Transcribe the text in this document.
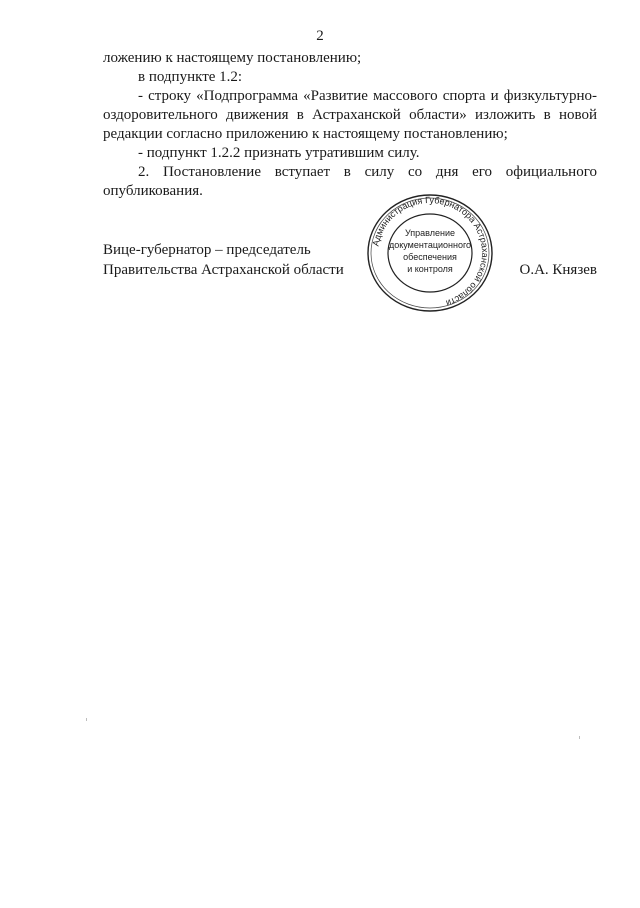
2

ложению к настоящему постановлению;

в подпункте 1.2:

- строку «Подпрограмма «Развитие массового спорта и физкультурно-оздоровительного движения в Астраханской области» изложить в новой редакции согласно приложению к настоящему постановлению;

- подпункт 1.2.2 признать утратившим силу.

2. Постановление вступает в силу со дня его официального опубликования.

Вице-губернатор – председатель
Правительства Астраханской области
Администрация Губернатора Астраханской области
Управление
документационного
обеспечения
и контроля	О.А. Князев
